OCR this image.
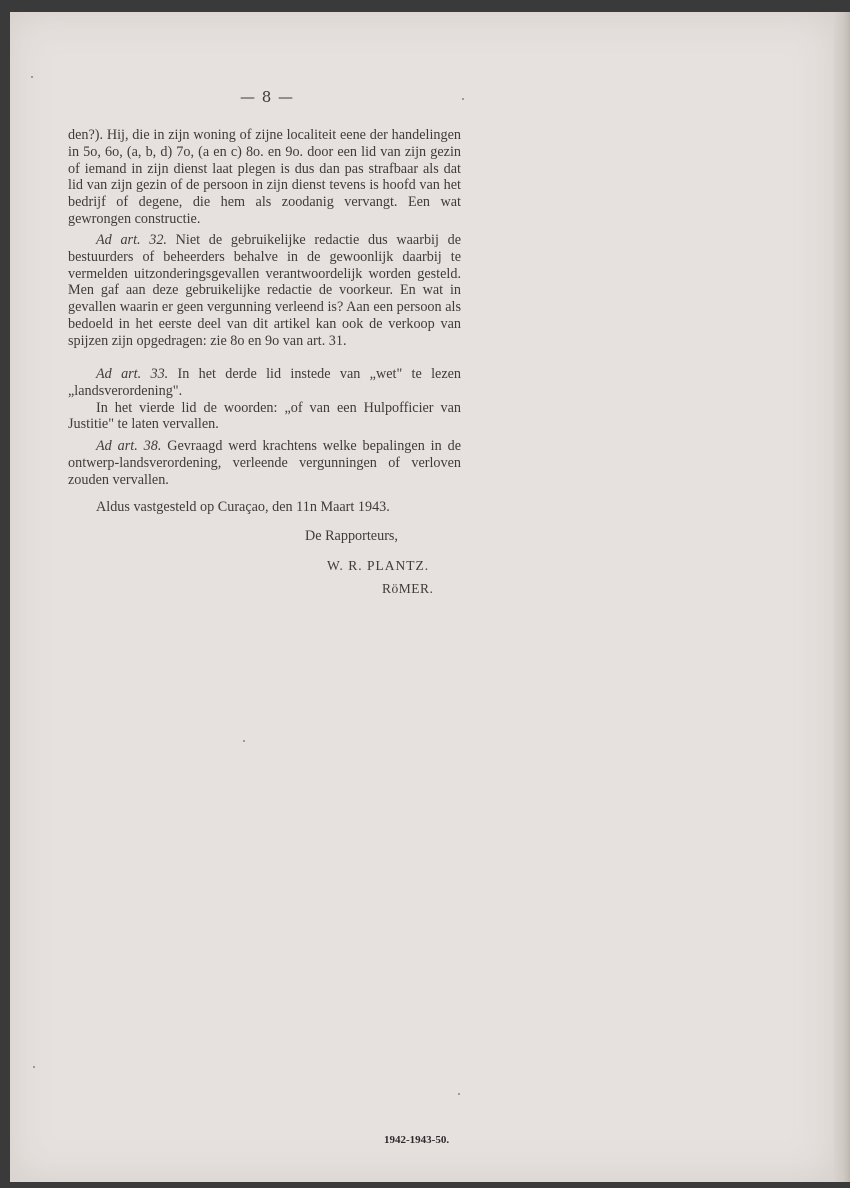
— 8 —

den?). Hij, die in zijn woning of zijne localiteit eene der handelingen in 5o, 6o, (a, b, d) 7o, (a en c) 8o. en 9o. door een lid van zijn gezin of iemand in zijn dienst laat plegen is dus dan pas strafbaar als dat lid van zijn gezin of de persoon in zijn dienst tevens is hoofd van het bedrijf of degene, die hem als zoodanig vervangt. Een wat gewrongen constructie.

Ad art. 32. Niet de gebruikelijke redactie dus waarbij de bestuurders of beheerders behalve in de gewoonlijk daarbij te vermelden uitzonderingsgevallen verantwoordelijk worden gesteld. Men gaf aan deze gebruikelijke redactie de voorkeur. En wat in gevallen waarin er geen vergunning verleend is? Aan een persoon als bedoeld in het eerste deel van dit artikel kan ook de verkoop van spijzen zijn opgedragen: zie 8o en 9o van art. 31.

Ad art. 33. In het derde lid instede van „wet" te lezen „landsverordening".

In het vierde lid de woorden: „of van een Hulpofficier van Justitie" te laten vervallen.

Ad art. 38. Gevraagd werd krachtens welke bepalingen in de ontwerp-landsverordening, verleende vergunningen of verloven zouden vervallen.

Aldus vastgesteld op Curaçao, den 11n Maart 1943.
De Rapporteurs,
W. R. PLANTZ.
RöMER.
1942-1943-50.
